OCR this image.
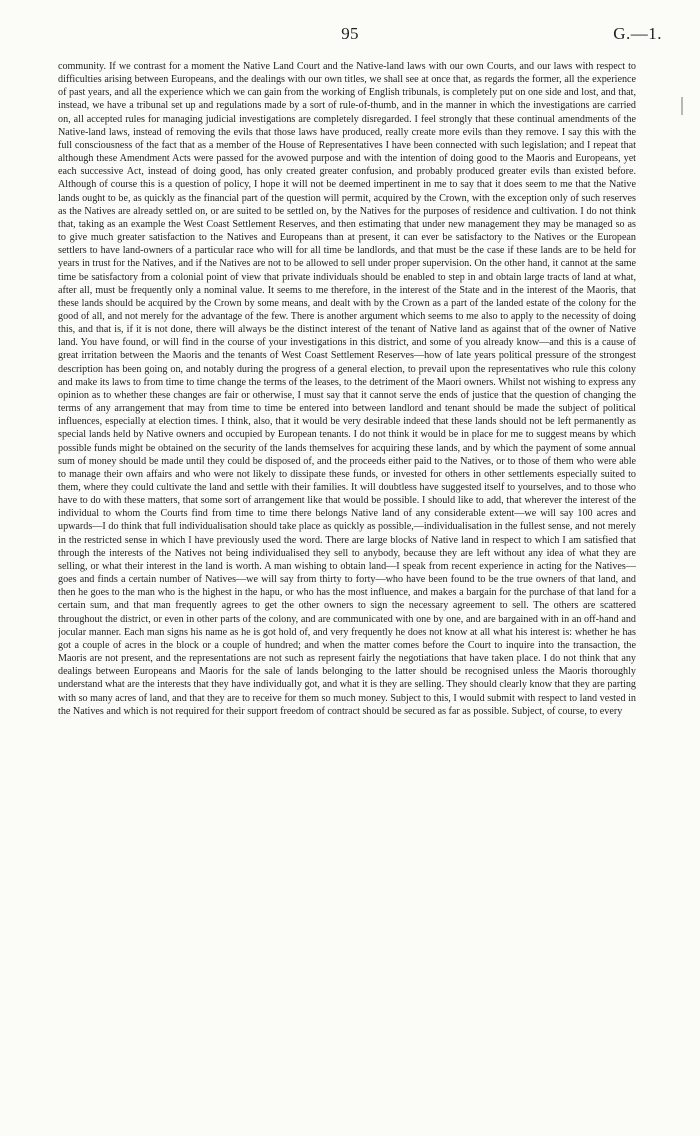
95	G.—1.

community. If we contrast for a moment the Native Land Court and the Native-land laws with our own Courts, and our laws with respect to difficulties arising between Europeans, and the dealings with our own titles, we shall see at once that, as regards the former, all the experience of past years, and all the experience which we can gain from the working of English tribunals, is completely put on one side and lost, and that, instead, we have a tribunal set up and regulations made by a sort of rule-of-thumb, and in the manner in which the investigations are carried on, all accepted rules for managing judicial investigations are completely disregarded. I feel strongly that these continual amendments of the Native-land laws, instead of removing the evils that those laws have produced, really create more evils than they remove. I say this with the full consciousness of the fact that as a member of the House of Representatives I have been connected with such legislation; and I repeat that although these Amendment Acts were passed for the avowed purpose and with the intention of doing good to the Maoris and Europeans, yet each successive Act, instead of doing good, has only created greater confusion, and probably produced greater evils than existed before. Although of course this is a question of policy, I hope it will not be deemed impertinent in me to say that it does seem to me that the Native lands ought to be, as quickly as the financial part of the question will permit, acquired by the Crown, with the exception only of such reserves as the Natives are already settled on, or are suited to be settled on, by the Natives for the purposes of residence and cultivation. I do not think that, taking as an example the West Coast Settlement Reserves, and then estimating that under new management they may be managed so as to give much greater satisfaction to the Natives and Europeans than at present, it can ever be satisfactory to the Natives or the European settlers to have land-owners of a particular race who will for all time be landlords, and that must be the case if these lands are to be held for years in trust for the Natives, and if the Natives are not to be allowed to sell under proper supervision. On the other hand, it cannot at the same time be satisfactory from a colonial point of view that private individuals should be enabled to step in and obtain large tracts of land at what, after all, must be frequently only a nominal value. It seems to me therefore, in the interest of the State and in the interest of the Maoris, that these lands should be acquired by the Crown by some means, and dealt with by the Crown as a part of the landed estate of the colony for the good of all, and not merely for the advantage of the few. There is another argument which seems to me also to apply to the necessity of doing this, and that is, if it is not done, there will always be the distinct interest of the tenant of Native land as against that of the owner of Native land. You have found, or will find in the course of your investigations in this district, and some of you already know—and this is a cause of great irritation between the Maoris and the tenants of West Coast Settlement Reserves—how of late years political pressure of the strongest description has been going on, and notably during the progress of a general election, to prevail upon the representatives who rule this colony and make its laws to from time to time change the terms of the leases, to the detriment of the Maori owners. Whilst not wishing to express any opinion as to whether these changes are fair or otherwise, I must say that it cannot serve the ends of justice that the question of changing the terms of any arrangement that may from time to time be entered into between landlord and tenant should be made the subject of political influences, especially at election times. I think, also, that it would be very desirable indeed that these lands should not be left permanently as special lands held by Native owners and occupied by European tenants. I do not think it would be in place for me to suggest means by which possible funds might be obtained on the security of the lands themselves for acquiring these lands, and by which the payment of some annual sum of money should be made until they could be disposed of, and the proceeds either paid to the Natives, or to those of them who were able to manage their own affairs and who were not likely to dissipate these funds, or invested for others in other settlements especially suited to them, where they could cultivate the land and settle with their families. It will doubtless have suggested itself to yourselves, and to those who have to do with these matters, that some sort of arrangement like that would be possible. I should like to add, that wherever the interest of the individual to whom the Courts find from time to time there belongs Native land of any considerable extent—we will say 100 acres and upwards—I do think that full individualisation should take place as quickly as possible,—individualisation in the fullest sense, and not merely in the restricted sense in which I have previously used the word. There are large blocks of Native land in respect to which I am satisfied that through the interests of the Natives not being individualised they sell to anybody, because they are left without any idea of what they are selling, or what their interest in the land is worth. A man wishing to obtain land—I speak from recent experience in acting for the Natives—goes and finds a certain number of Natives—we will say from thirty to forty—who have been found to be the true owners of that land, and then he goes to the man who is the highest in the hapu, or who has the most influence, and makes a bargain for the purchase of that land for a certain sum, and that man frequently agrees to get the other owners to sign the necessary agreement to sell. The others are scattered throughout the district, or even in other parts of the colony, and are communicated with one by one, and are bargained with in an off-hand and jocular manner. Each man signs his name as he is got hold of, and very frequently he does not know at all what his interest is: whether he has got a couple of acres in the block or a couple of hundred; and when the matter comes before the Court to inquire into the transaction, the Maoris are not present, and the representations are not such as represent fairly the negotiations that have taken place. I do not think that any dealings between Europeans and Maoris for the sale of lands belonging to the latter should be recognised unless the Maoris thoroughly understand what are the interests that they have individually got, and what it is they are selling. They should clearly know that they are parting with so many acres of land, and that they are to receive for them so much money. Subject to this, I would submit with respect to land vested in the Natives and which is not required for their support freedom of contract should be secured as far as possible. Subject, of course, to every
